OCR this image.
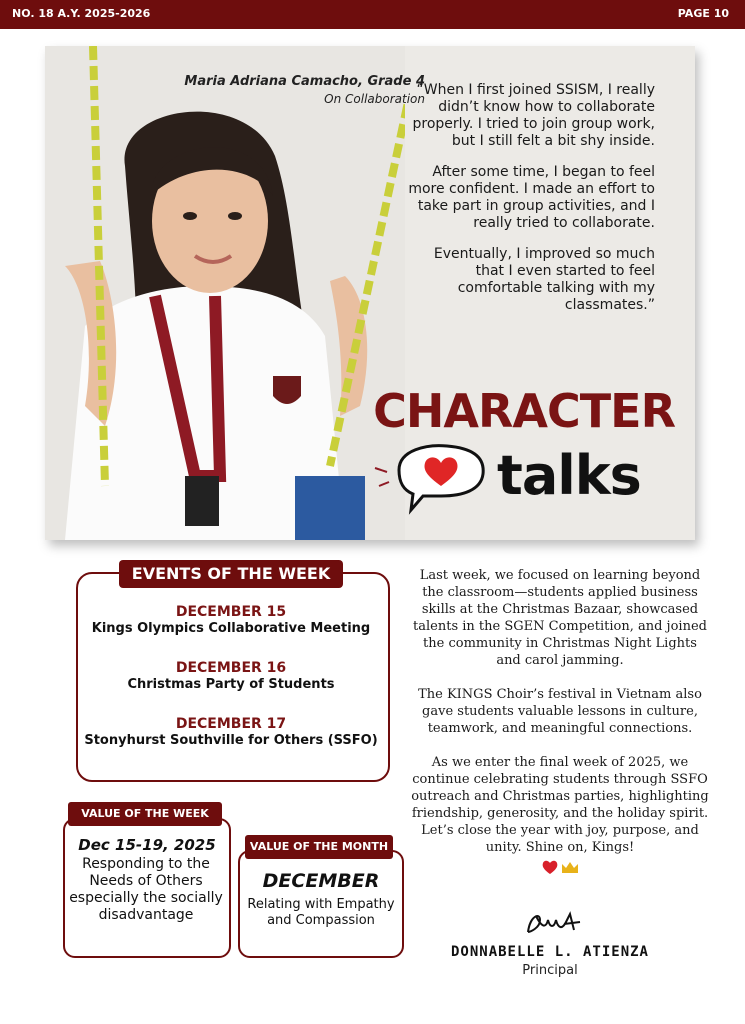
NO. 18 A.Y. 2025-2026	PAGE 10
Maria Adriana Camacho, Grade 4
On Collaboration

“When I first joined SSISM, I really didn’t know how to collaborate properly. I tried to join group work, but I still felt a bit shy inside.

After some time, I began to feel more confident. I made an effort to take part in group activities, and I really tried to collaborate.

Eventually, I improved so much that I even started to feel comfortable talking with my classmates.”

CHARACTER
talks
EVENTS OF THE WEEK
DECEMBER 15
Kings Olympics Collaborative Meeting
DECEMBER 16
Christmas Party of Students
DECEMBER 17
Stonyhurst Southville for Others (SSFO)
VALUE OF THE WEEK
Dec 15-19, 2025
Responding to the Needs of Others especially the socially disadvantage
VALUE OF THE MONTH
DECEMBER
Relating with Empathy and Compassion

Last week, we focused on learning beyond the classroom—students applied business skills at the Christmas Bazaar, showcased talents in the SGEN Competition, and joined the community in Christmas Night Lights and carol jamming.

The KINGS Choir’s festival in Vietnam also gave students valuable lessons in culture, teamwork, and meaningful connections.

As we enter the final week of 2025, we continue celebrating students through SSFO outreach and Christmas parties, highlighting friendship, generosity, and the holiday spirit. Let’s close the year with joy, purpose, and unity. Shine on, Kings!

DONNABELLE L. ATIENZA
Principal
